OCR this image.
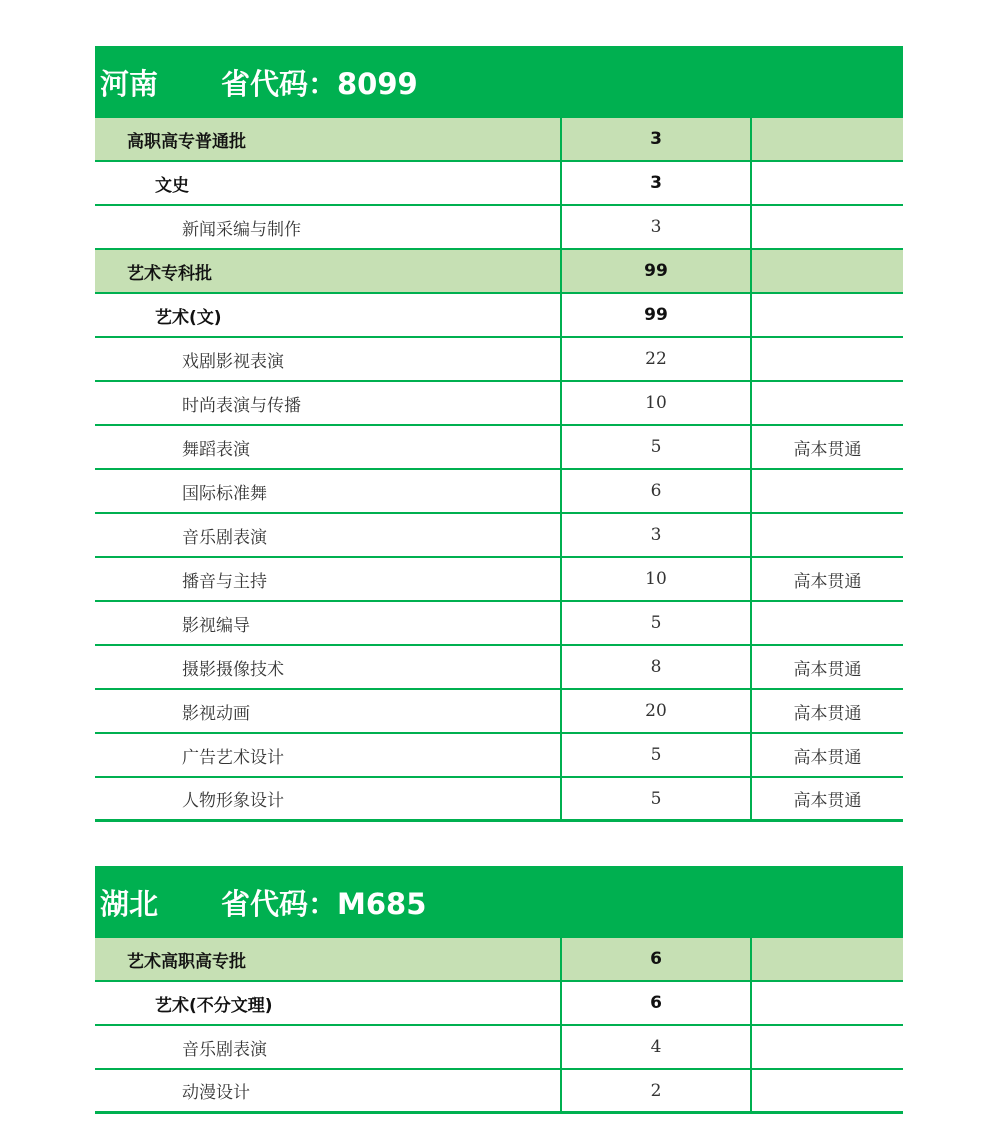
河南	省代码：8099
高职高专普通批	3
文史	3
新闻采编与制作	3
艺术专科批	99
艺术(文)	99
戏剧影视表演	22
时尚表演与传播	10
舞蹈表演	5	高本贯通
国际标准舞	6
音乐剧表演	3
播音与主持	10	高本贯通
影视编导	5
摄影摄像技术	8	高本贯通
影视动画	20	高本贯通
广告艺术设计	5	高本贯通
人物形象设计	5	高本贯通
湖北	省代码：M685
艺术高职高专批	6
艺术(不分文理)	6
音乐剧表演	4
动漫设计	2
